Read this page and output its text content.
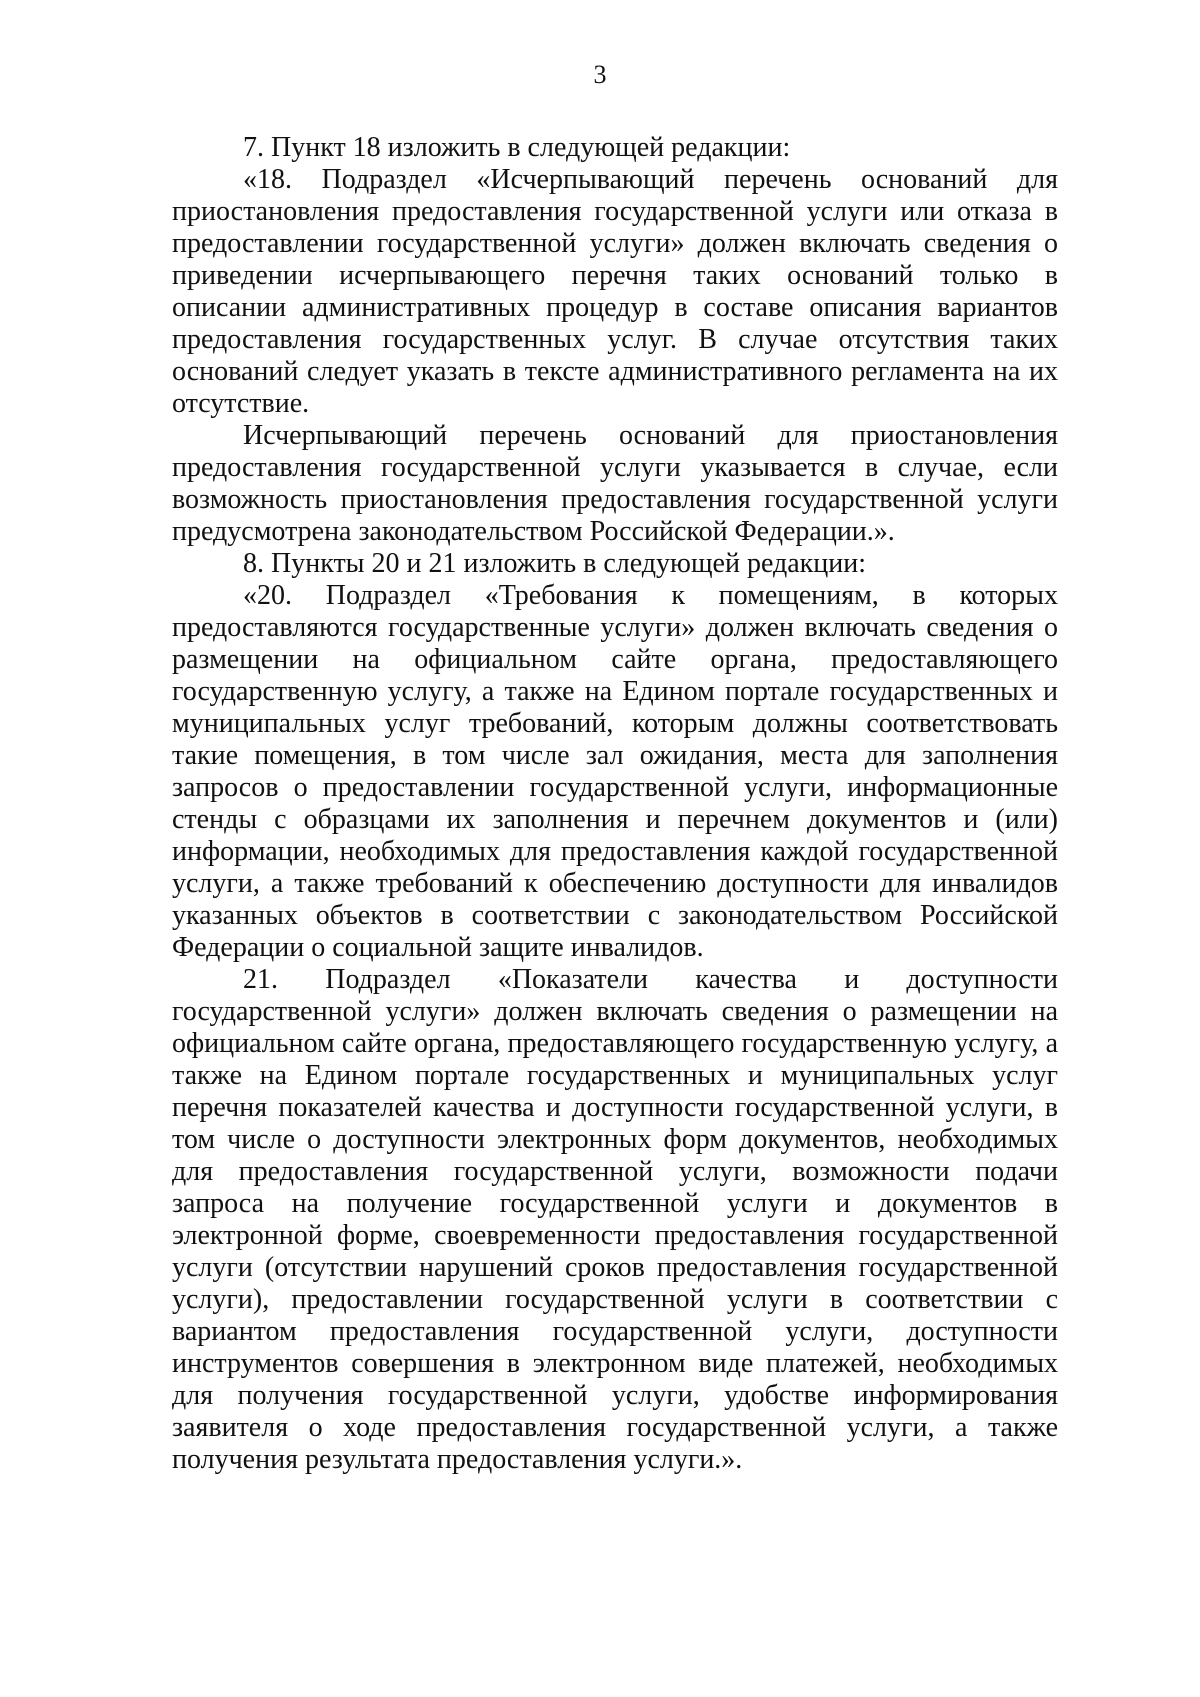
3

7. Пункт 18 изложить в следующей редакции:

«18. Подраздел «Исчерпывающий перечень оснований для приостановления предоставления государственной услуги или отказа в предоставлении государственной услуги» должен включать сведения о приведении исчерпывающего перечня таких оснований только в описании административных процедур в составе описания вариантов предоставления государственных услуг. В случае отсутствия таких оснований следует указать в тексте административного регламента на их отсутствие.

Исчерпывающий перечень оснований для приостановления предоставления государственной услуги указывается в случае, если возможность приостановления предоставления государственной услуги предусмотрена законодательством Российской Федерации.».

8. Пункты 20 и 21 изложить в следующей редакции:

«20. Подраздел «Требования к помещениям, в которых предоставляются государственные услуги» должен включать сведения о размещении на официальном сайте органа, предоставляющего государственную услугу, а также на Едином портале государственных и муниципальных услуг требований, которым должны соответствовать такие помещения, в том числе зал ожидания, места для заполнения запросов о предоставлении государственной услуги, информационные стенды с образцами их заполнения и перечнем документов и (или) информации, необходимых для предоставления каждой государственной услуги, а также требований к обеспечению доступности для инвалидов указанных объектов в соответствии с законодательством Российской Федерации о социальной защите инвалидов.

21. Подраздел «Показатели качества и доступности государственной услуги» должен включать сведения о размещении на официальном сайте органа, предоставляющего государственную услугу, а также на Едином портале государственных и муниципальных услуг перечня показателей качества и доступности государственной услуги, в том числе о доступности электронных форм документов, необходимых для предоставления государственной услуги, возможности подачи запроса на получение государственной услуги и документов в электронной форме, своевременности предоставления государственной услуги (отсутствии нарушений сроков предоставления государственной услуги), предоставлении государственной услуги в соответствии с вариантом предоставления государственной услуги, доступности инструментов совершения в электронном виде платежей, необходимых для получения государственной услуги, удобстве информирования заявителя о ходе предоставления государственной услуги, а также получения результата предоставления услуги.».
